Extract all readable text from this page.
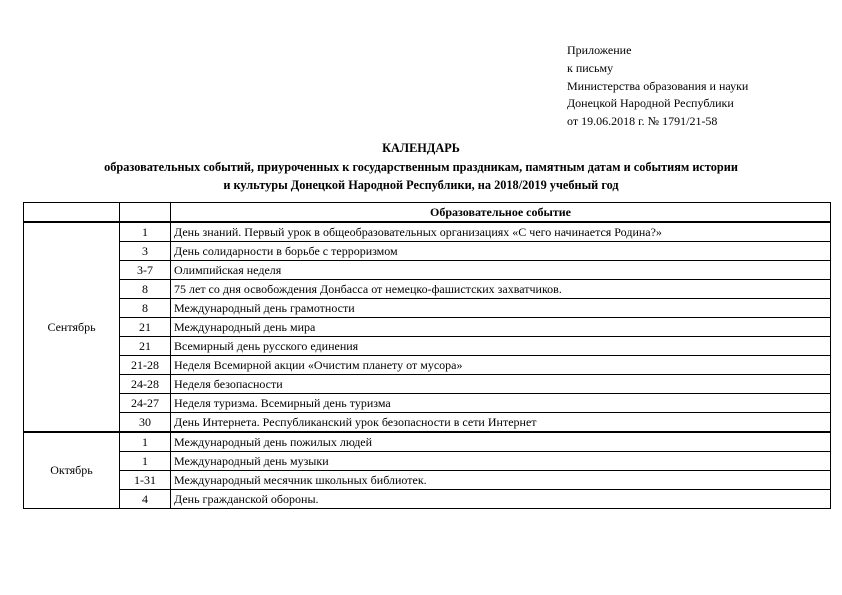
Приложение
к письму
Министерства образования и науки
Донецкой Народной Республики
от 19.06.2018 г. № 1791/21-58
КАЛЕНДАРЬ
образовательных событий, приуроченных к государственным праздникам, памятным датам и событиям истории
и культуры Донецкой Народной Республики, на 2018/2019 учебный год
		Образовательное событие
Сентябрь	1	День знаний. Первый урок в общеобразовательных организациях «С чего начинается Родина?»
	3	День солидарности в борьбе с терроризмом
	3-7	Олимпийская неделя
	8	75 лет со дня освобождения Донбасса от немецко-фашистских захватчиков.
	8	Международный день грамотности
	21	Международный день мира
	21	Всемирный день русского единения
	21-28	Неделя Всемирной акции «Очистим планету от мусора»
	24-28	Неделя безопасности
	24-27	Неделя туризма. Всемирный день туризма
	30	День Интернета. Республиканский урок безопасности в сети Интернет
Октябрь	1	Международный день пожилых людей
	1	Международный день музыки
	1-31	Международный месячник школьных библиотек.
	4	День гражданской обороны.
